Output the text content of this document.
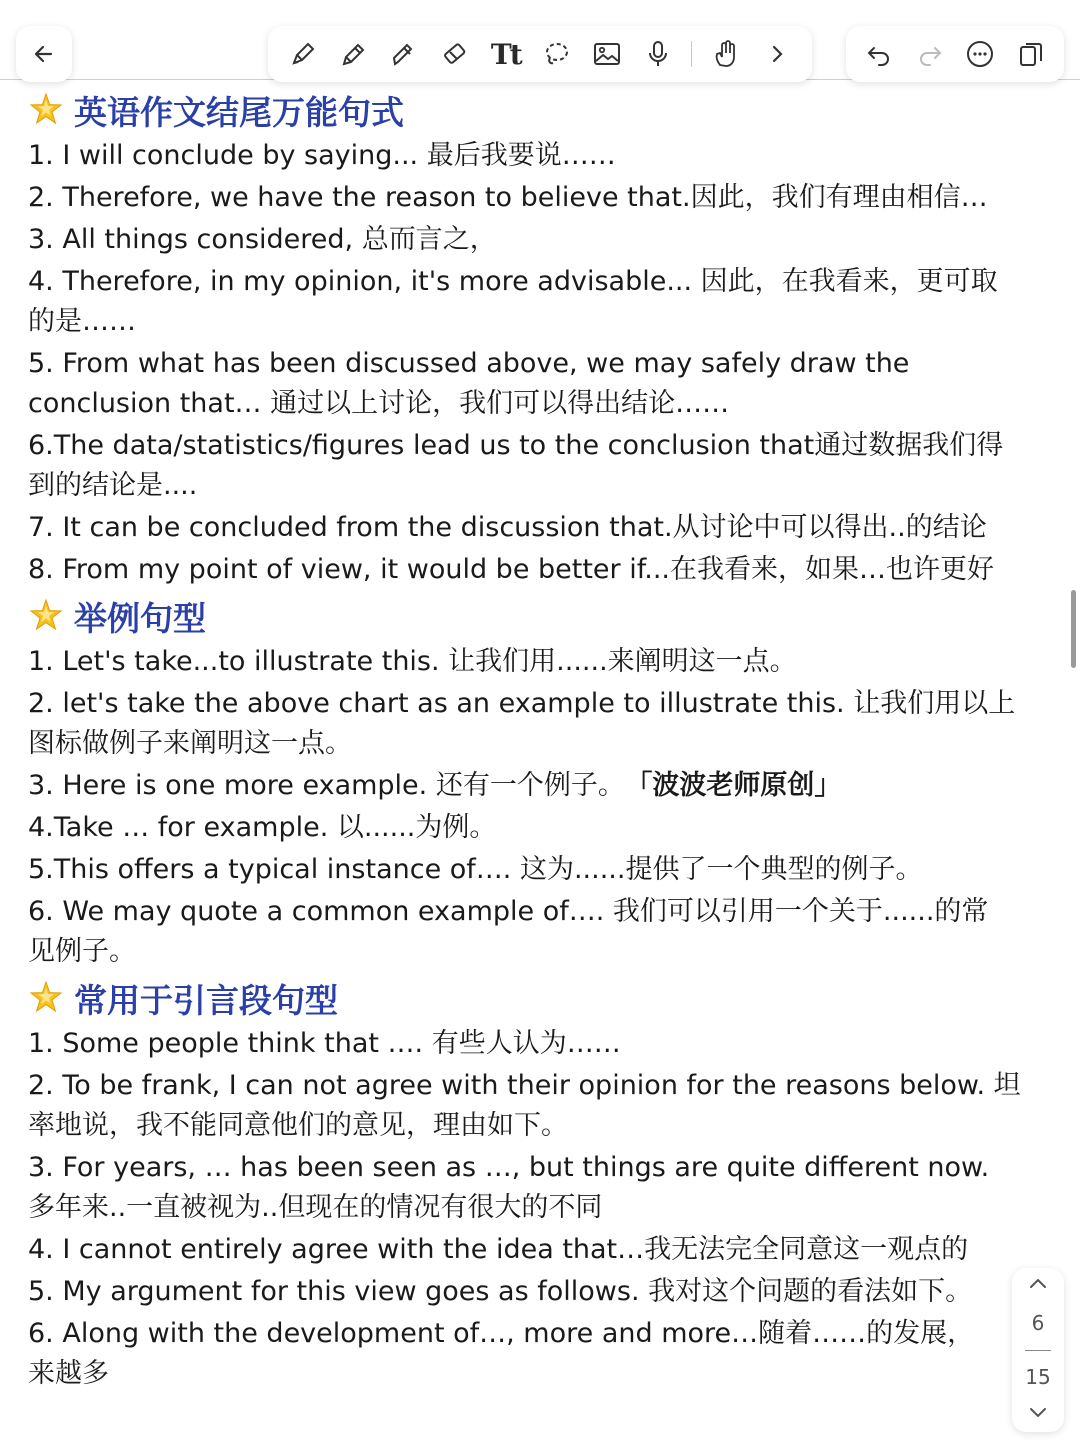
Tt
英语作文结尾万能句式
1. I will conclude by saying... 最后我要说……
2. Therefore, we have the reason to believe that.因此，我们有理由相信…
3. All things considered, 总而言之，
4. Therefore, in my opinion, it's more advisable... 因此，在我看来，更可取
的是……
5. From what has been discussed above, we may safely draw the
conclusion that… 通过以上讨论，我们可以得出结论……
6.The data/statistics/figures lead us to the conclusion that通过数据我们得
到的结论是....
7. It can be concluded from the discussion that.从讨论中可以得出..的结论
8. From my point of view, it would be better if...在我看来，如果…也许更好
举例句型
1. Let's take...to illustrate this. 让我们用......来阐明这一点。
2. let's take the above chart as an example to illustrate this. 让我们用以上
图标做例子来阐明这一点。
3. Here is one more example. 还有一个例子。 「波波老师原创」
4.Take … for example. 以......为例。
5.This offers a typical instance of…. 这为......提供了一个典型的例子。
6. We may quote a common example of…. 我们可以引用一个关于......的常
见例子。
常用于引言段句型
1. Some people think that …. 有些人认为……
2. To be frank, I can not agree with their opinion for the reasons below. 坦
率地说，我不能同意他们的意见，理由如下。
3. For years, … has been seen as …, but things are quite different now.
多年来..一直被视为..但现在的情况有很大的不同
4. I cannot entirely agree with the idea that…我无法完全同意这一观点的
5. My argument for this view goes as follows. 我对这个问题的看法如下。
6. Along with the development of…, more and more…随着……的发展，
来越多
6
15
